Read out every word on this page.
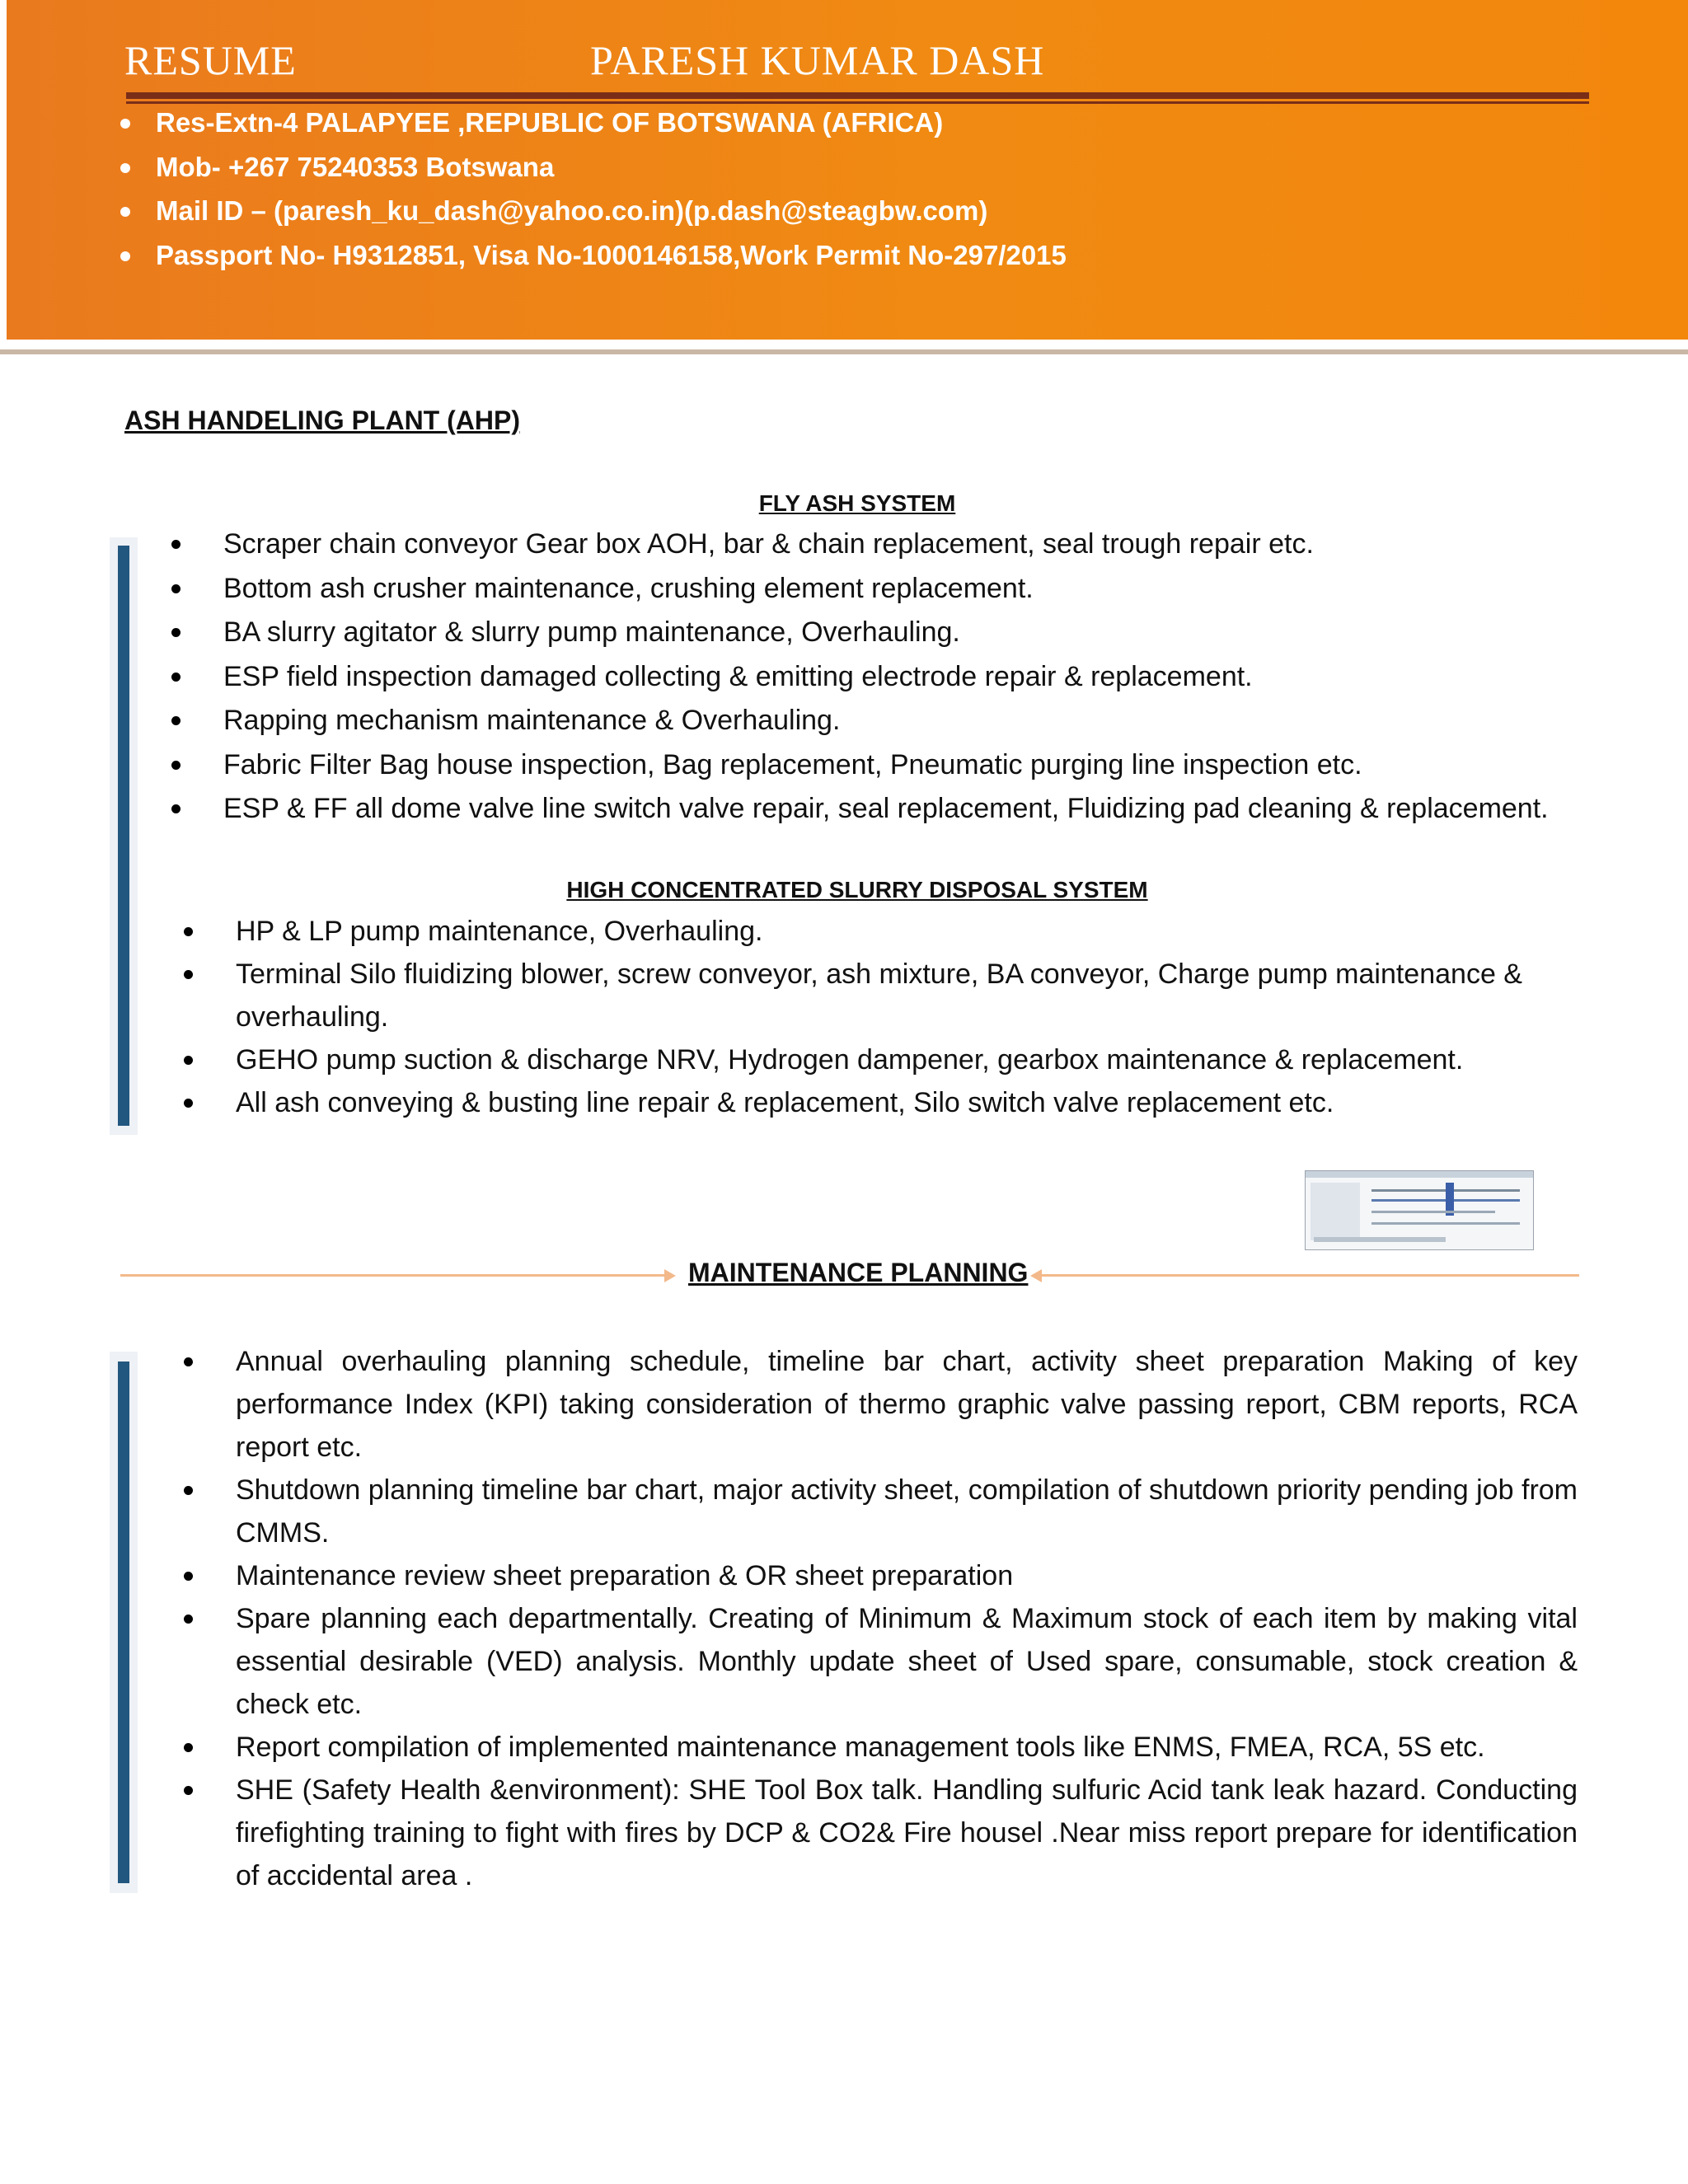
RESUME	PARESH KUMAR DASH
Res-Extn-4 PALAPYEE ,REPUBLIC OF BOTSWANA (AFRICA)
Mob- +267 75240353 Botswana
Mail ID – (paresh_ku_dash@yahoo.co.in)(p.dash@steagbw.com)
Passport No- H9312851, Visa No-1000146158,Work Permit No-297/2015
ASH HANDELING PLANT (AHP)
FLY ASH SYSTEM
Scraper chain conveyor Gear box AOH, bar & chain replacement, seal trough repair etc.
Bottom ash crusher maintenance, crushing element replacement.
BA slurry agitator & slurry pump maintenance, Overhauling.
ESP field inspection damaged collecting & emitting electrode repair & replacement.
Rapping mechanism maintenance & Overhauling.
Fabric Filter Bag house inspection, Bag replacement, Pneumatic purging line inspection etc.
ESP & FF all dome valve line switch valve repair, seal replacement, Fluidizing pad cleaning & replacement.
HIGH CONCENTRATED SLURRY DISPOSAL SYSTEM
HP & LP pump maintenance, Overhauling.
Terminal Silo fluidizing blower, screw conveyor, ash mixture, BA conveyor, Charge pump maintenance & overhauling.
GEHO pump suction & discharge NRV, Hydrogen dampener, gearbox maintenance & replacement.
All ash conveying & busting line repair & replacement, Silo switch valve replacement etc.
MAINTENANCE PLANNING
Annual overhauling planning schedule, timeline bar chart, activity sheet preparation Making of key performance Index (KPI) taking consideration of thermo graphic valve passing report, CBM reports, RCA report etc.
Shutdown planning timeline bar chart, major activity sheet, compilation of shutdown priority pending job from CMMS.
Maintenance review sheet preparation & OR sheet preparation
Spare planning each departmentally. Creating of Minimum & Maximum stock of each item by making vital essential desirable (VED) analysis. Monthly update sheet of Used spare, consumable, stock creation & check etc.
Report compilation of implemented maintenance management tools like ENMS, FMEA, RCA, 5S etc.
SHE (Safety Health &environment): SHE Tool Box talk. Handling sulfuric Acid tank leak hazard. Conducting firefighting training to fight with fires by DCP & CO2& Fire housel .Near miss report prepare for identification of accidental area .
